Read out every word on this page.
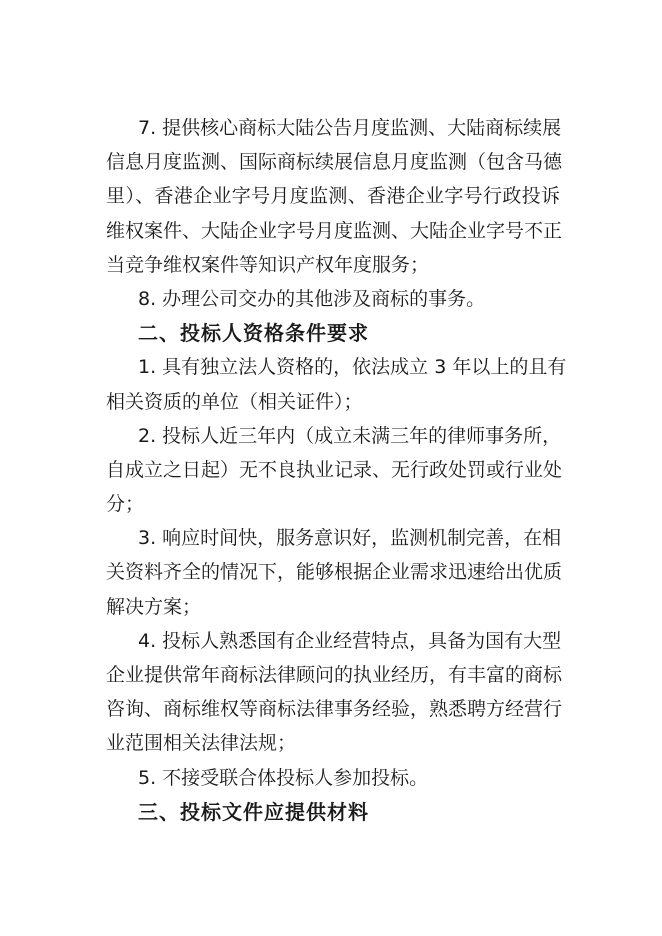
7. 提供核心商标大陆公告月度监测、大陆商标续展
信息月度监测、国际商标续展信息月度监测（包含马德
里）、香港企业字号月度监测、香港企业字号行政投诉
维权案件、大陆企业字号月度监测、大陆企业字号不正
当竞争维权案件等知识产权年度服务；
8. 办理公司交办的其他涉及商标的事务。
二、投标人资格条件要求
1. 具有独立法人资格的，依法成立 3 年以上的且有
相关资质的单位（相关证件）；
2. 投标人近三年内（成立未满三年的律师事务所，
自成立之日起）无不良执业记录、无行政处罚或行业处
分；
3. 响应时间快，服务意识好，监测机制完善，在相
关资料齐全的情况下，能够根据企业需求迅速给出优质
解决方案；
4. 投标人熟悉国有企业经营特点，具备为国有大型
企业提供常年商标法律顾问的执业经历，有丰富的商标
咨询、商标维权等商标法律事务经验，熟悉聘方经营行
业范围相关法律法规；
5. 不接受联合体投标人参加投标。
三、投标文件应提供材料
